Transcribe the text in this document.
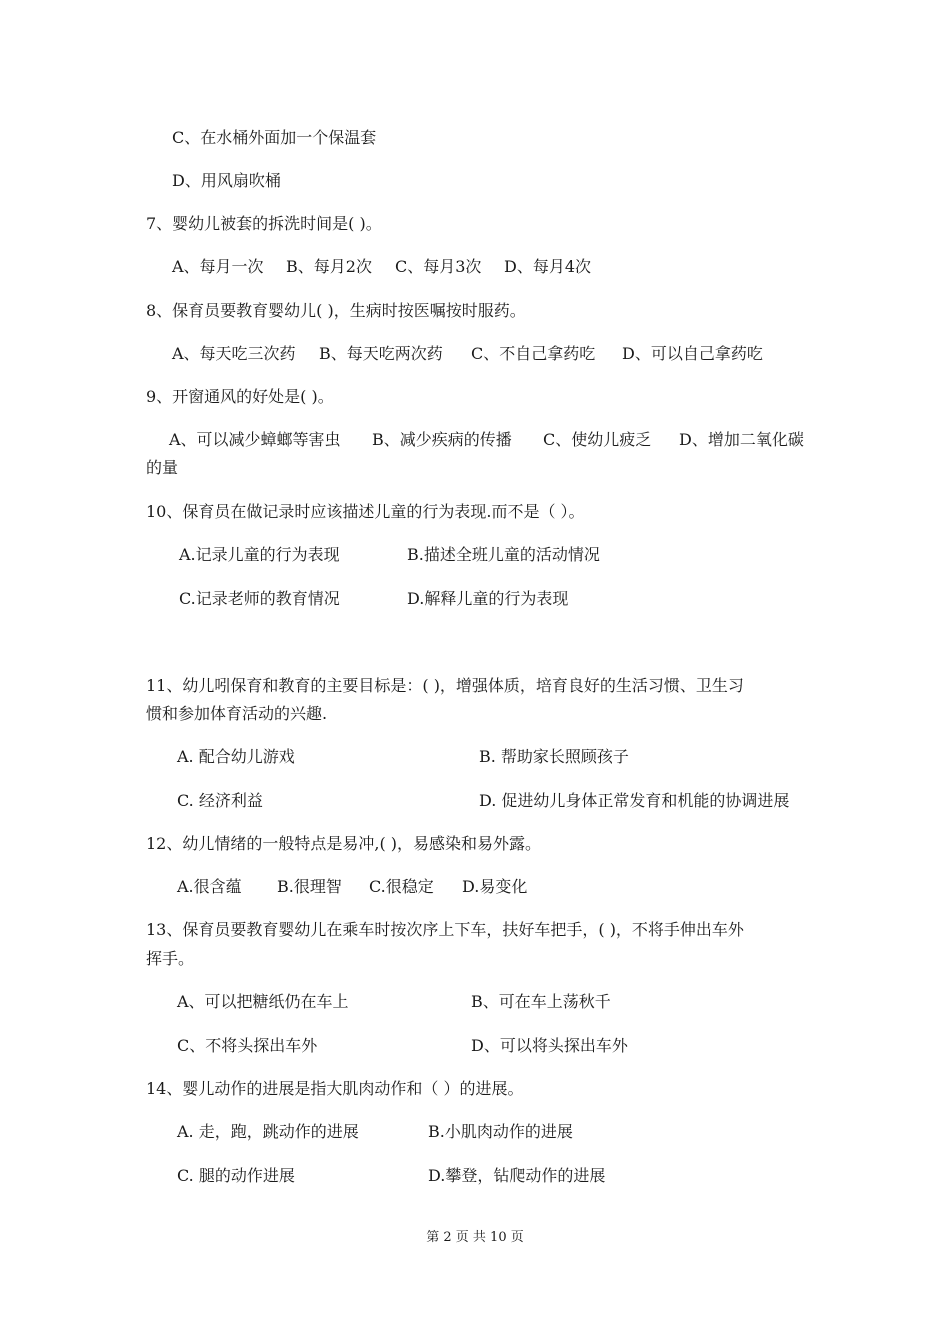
C、在水桶外面加一个保温套
D、用风扇吹桶
7、婴幼儿被套的拆洗时间是( )。
A、每月一次 B、每月2次 C、每月3次 D、每月4次
8、保育员要教育婴幼儿( )，生病时按医嘱按时服药。
A、每天吃三次药 B、每天吃两次药 C、不自己拿药吃 D、可以自己拿药吃
9、开窗通风的好处是( )。
A、可以减少蟑螂等害虫 B、减少疾病的传播 C、使幼儿疲乏 D、增加二氧化碳
的量
10、保育员在做记录时应该描述儿童的行为表现.而不是（ ）。
A.记录儿童的行为表现	B.描述全班儿童的活动情况
C.记录老师的教育情况	D.解释儿童的行为表现
11、幼儿吲保育和教育的主要目标是：( )，增强体质，培育良好的生活习惯、卫生习
惯和参加体育活动的兴趣.
A. 配合幼儿游戏	B. 帮助家长照顾孩子
C. 经济利益	D. 促进幼儿身体正常发育和机能的协调进展
12、幼儿情绪的一般特点是易冲,( )，易感染和易外露。
A.很含蕴 B.很理智 C.很稳定 D.易变化
13、保育员要教育婴幼儿在乘车时按次序上下车，扶好车把手，( )，不将手伸出车外
挥手。
A、可以把糖纸仍在车上	B、可在车上荡秋千
C、不将头探出车外	D、可以将头探出车外
14、婴儿动作的进展是指大肌肉动作和（ ）的进展。
A. 走，跑，跳动作的进展	B.小肌肉动作的进展
C. 腿的动作进展	D.攀登，钻爬动作的进展
第 2 页 共 10 页
